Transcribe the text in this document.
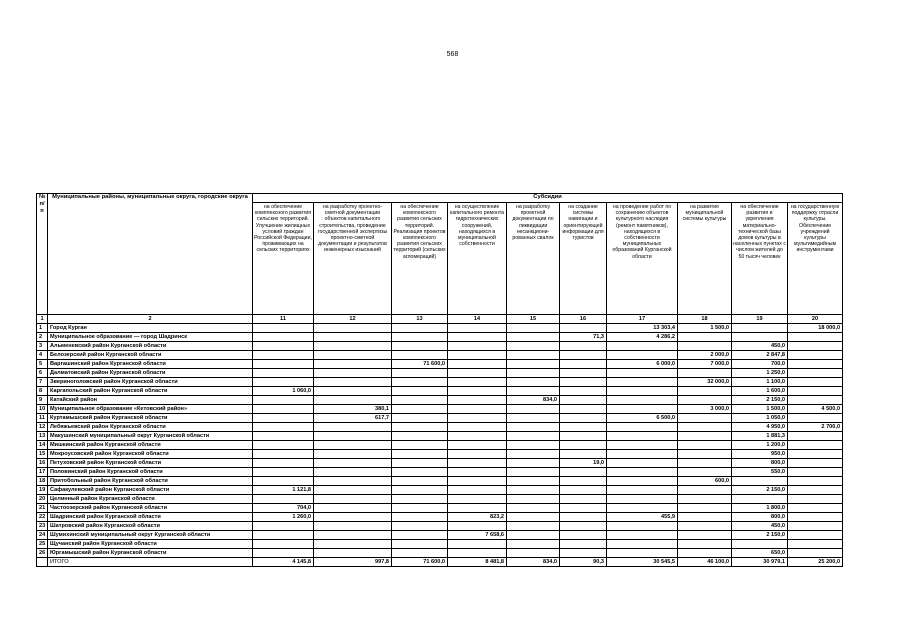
568
№ п/п	Муниципальные районы, муниципальные округа, городские округа	Субсидии									
		на обеспечение комплексного развития сельских территорий. Улучшение жилищных условий граждан Российской Федерации, проживающих на сельских территориях	на разработку проектно-сметной документации объектов капитального строительства, проведение государственной экспертизы проектно-сметной документации и результатов инженерных изысканий	на обеспечение комплексного развития сельских территорий. Реализация проектов комплексного развития сельских территорий (сельских агломераций)	на осуществление капитального ремонта гидротехнических сооружений, находящихся в муниципальной собственности	на разработку проектной документации по ликвидации несанкциони-рованных свалок	на создание системы навигации и ориентирующей информации для туристов	на проведение работ по сохранению объектов культурного наследия (ремонт памятников), находящихся в собственности муниципальных образований Курганской области	на развитие муниципальной системы культуры	на обеспечение развития и укрепления материально-технической базы домов культуры в населенных пунктах с числом жителей до 50 тысяч человек	на государственную поддержку отрасли культуры. Обеспечение учреждений культуры мультимедийным инструментами
1	2	11	12	13	14	15	16	17	18	19	20
1	Город Курган							13 303,4	1 500,0		18 000,0
2	Муниципальное образование — город Шадринск						71,3	4 286,2			
3	Альменевский район Курганской области									450,0	
4	Белозерский район Курганской области								2 000,0	2 847,8	
5	Варгашинский район Курганской области			71 600,0				6 000,0	7 000,0	700,0	
6	Далматовский район Курганской области									1 250,0	
7	Звериноголовский район Курганской области								32 000,0	1 100,0	
8	Каргапольский район Курганской области	1 060,0								1 600,0	
9	Катайский район					834,0				2 150,0	
10	Муниципальное образование «Кетовский район»		380,1						3 000,0	1 500,0	4 500,0
11	Куртамышский район Курганской области		617,7					6 500,0		1 050,0	
12	Лебяжьевский район Курганской области									4 950,0	2 700,0
13	Макушинский муниципальный округ Курганской области									1 881,3	
14	Мишкинский район Курганской области									1 200,0	
15	Мокроусовский район Курганской области									950,0	
16	Петуховский район Курганской области						19,0			800,0	
17	Половинский район Курганской области									550,0	
18	Притобольный район Курганской области								600,0		
19	Сафакулевский район Курганской области	1 121,8								2 150,0	
20	Целинный район Курганской области										
21	Частоозерский район Курганской области	704,0								1 800,0	
22	Шадринский район Курганской области	1 260,0			823,2			455,9		800,0	
23	Шатровский район Курганской области									450,0	
24	Шумихинский муниципальный округ Курганской области				7 658,6					2 150,0	
25	Щучанский район Курганской области										
26	Юргамышский район Курганской области									650,0	
	ИТОГО	4 145,8	997,8	71 600,0	8 481,8	834,0	90,3	30 545,5	46 100,0	30 979,1	25 200,0
